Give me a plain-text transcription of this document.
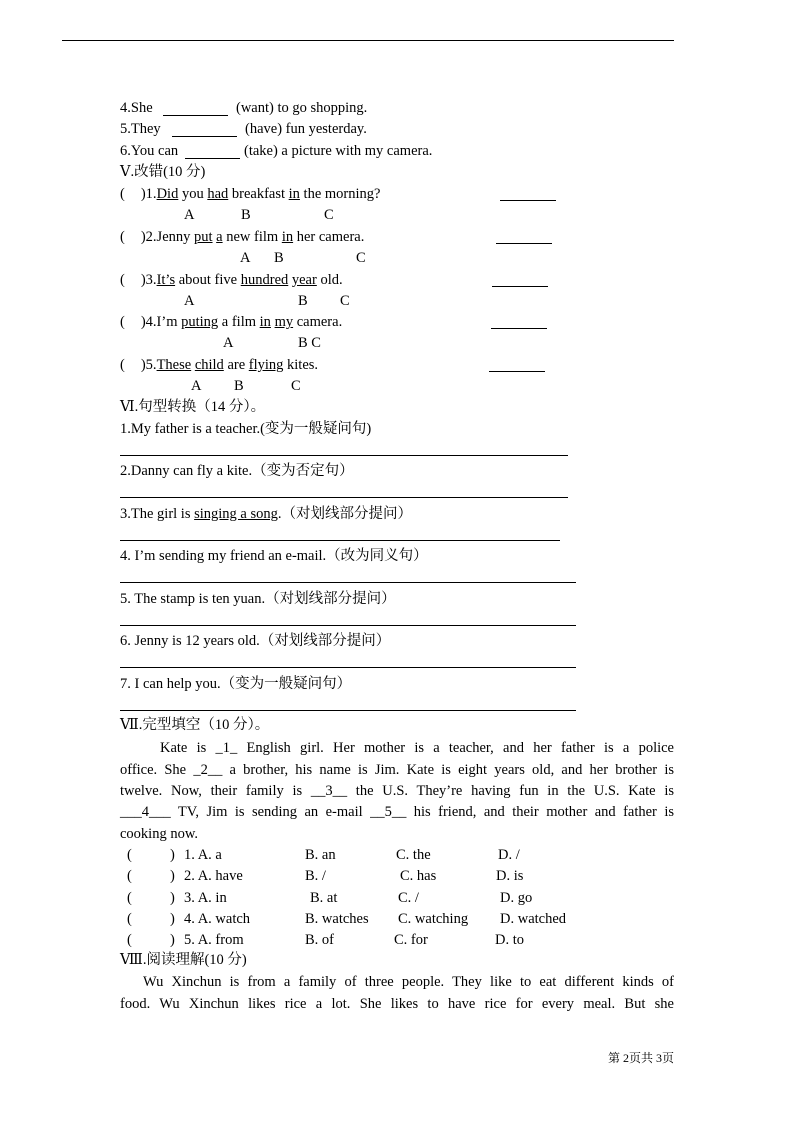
4.She	(want) to go shopping.
5.They	(have) fun yesterday.
6.You can	(take) a picture with my camera.
Ⅴ.改错(10 分)
( )1.Did you had breakfast in the morning?
A	B	C
( )2.Jenny put a new film in her camera.
A B	C
( )3.It’s about five hundred year old.
A	B C
( )4.I’m puting a film in my camera.
A	B C
( )5.These child are flying kites.
A B	C
Ⅵ.句型转换（14 分）。
1.My father is a teacher.(变为一般疑问句)
2.Danny can fly a kite.（变为否定句）
3.The girl is singing a song.（对划线部分提问）
4. I’m sending my friend an e-mail.（改为同义句）
5. The stamp is ten yuan.（对划线部分提问）
6. Jenny is 12 years old.（对划线部分提问）
7. I can help you.（变为一般疑问句）
Ⅶ.完型填空（10 分）。
Kate is _1_ English girl. Her mother is a teacher, and her father is a police
office. She _2__ a brother, his name is Jim. Kate is eight years old, and her brother is
twelve. Now, their family is __3__ the U.S. They’re having fun in the U.S. Kate is
___4___ TV, Jim is sending an e-mail __5__ his friend, and their mother and father is
cooking now.
(	) 1. A. a	B. an	C. the	D. /
(	) 2. A. have	B. /	C. has	D. is
(	) 3. A. in	B. at	C. /	D. go
(	) 4. A. watch	B. watches C. watching D. watched
(	) 5. A. from	B. of	C. for	D. to
Ⅷ.阅读理解(10 分)
Wu Xinchun is from a family of three people. They like to eat different kinds of
food. Wu Xinchun likes rice a lot. She likes to have rice for every meal. But she
第 2页共 3页
